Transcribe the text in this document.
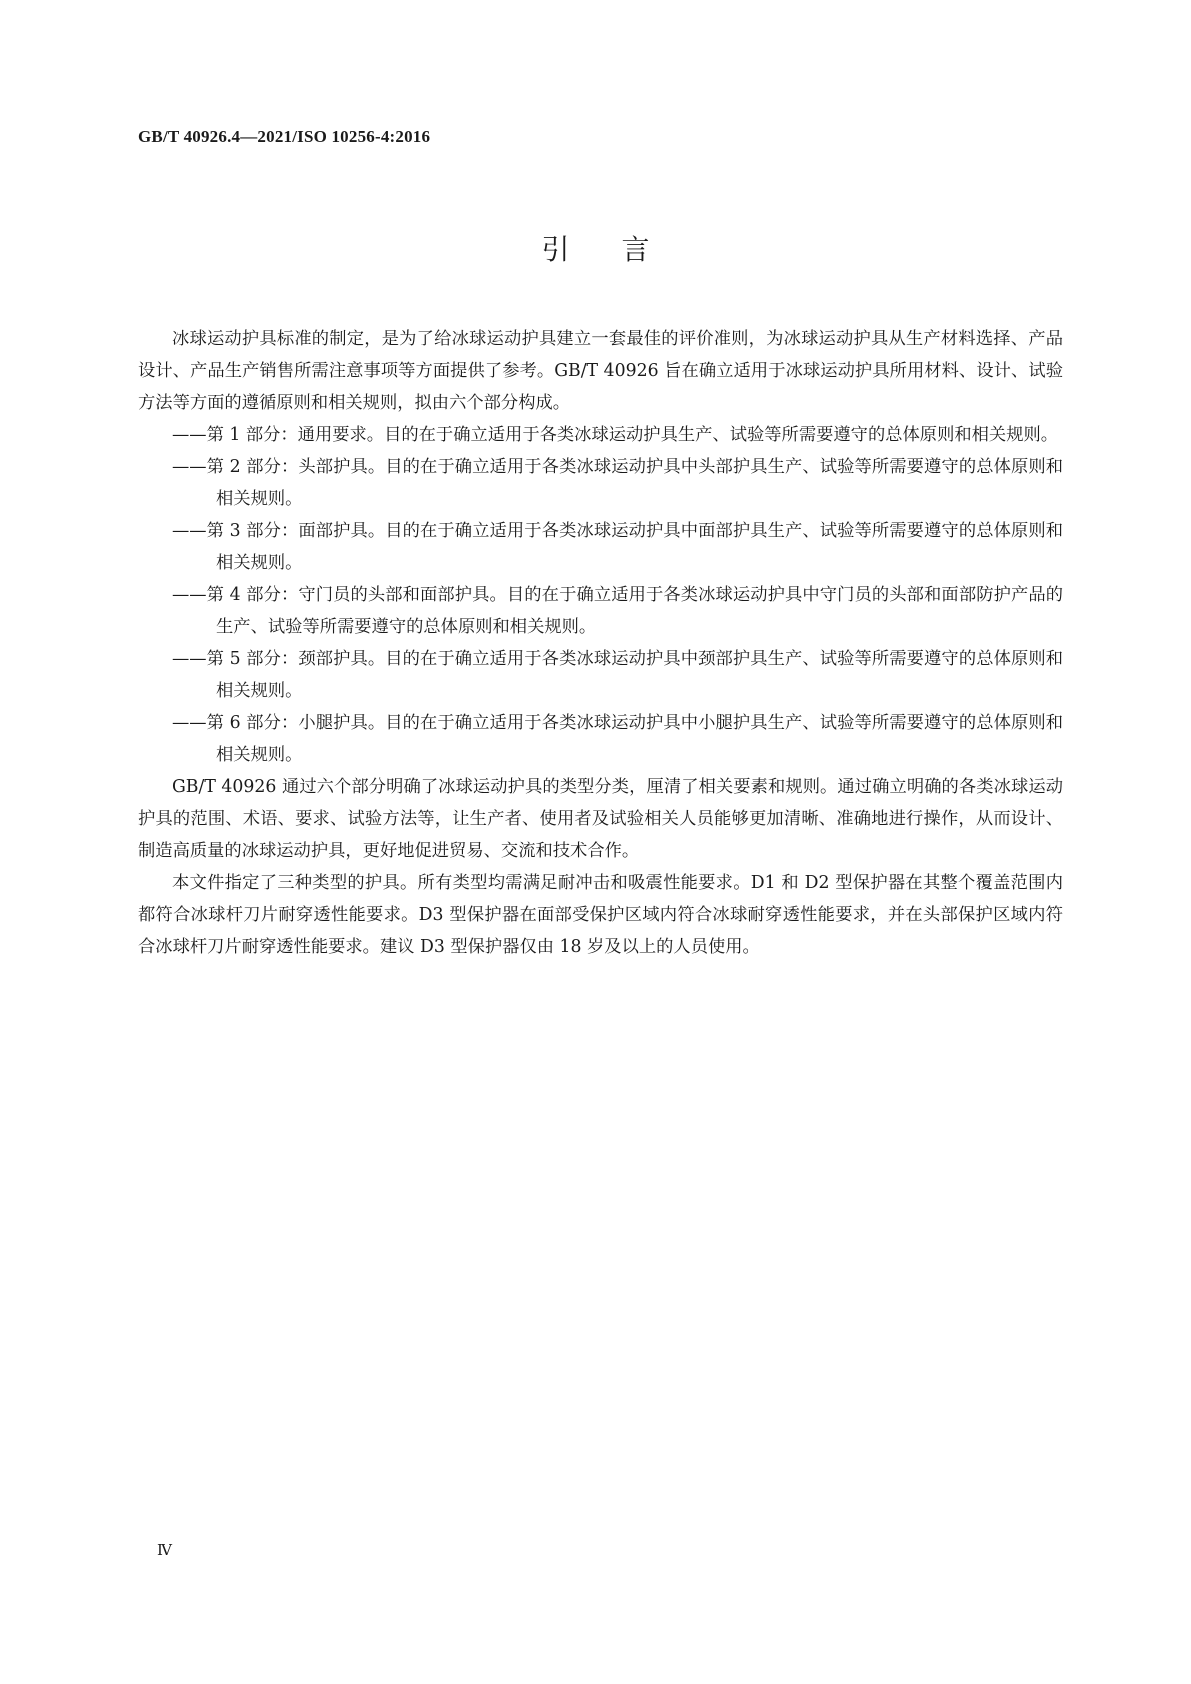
GB/T 40926.4—2021/ISO 10256-4:2016
引言

冰球运动护具标准的制定，是为了给冰球运动护具建立一套最佳的评价准则，为冰球运动护具从生产材料选择、产品设计、产品生产销售所需注意事项等方面提供了参考。GB/T 40926 旨在确立适用于冰球运动护具所用材料、设计、试验方法等方面的遵循原则和相关规则，拟由六个部分构成。

——第 1 部分：通用要求。目的在于确立适用于各类冰球运动护具生产、试验等所需要遵守的总体原则和相关规则。
——第 2 部分：头部护具。目的在于确立适用于各类冰球运动护具中头部护具生产、试验等所需要遵守的总体原则和相关规则。
——第 3 部分：面部护具。目的在于确立适用于各类冰球运动护具中面部护具生产、试验等所需要遵守的总体原则和相关规则。
——第 4 部分：守门员的头部和面部护具。目的在于确立适用于各类冰球运动护具中守门员的头部和面部防护产品的生产、试验等所需要遵守的总体原则和相关规则。
——第 5 部分：颈部护具。目的在于确立适用于各类冰球运动护具中颈部护具生产、试验等所需要遵守的总体原则和相关规则。
——第 6 部分：小腿护具。目的在于确立适用于各类冰球运动护具中小腿护具生产、试验等所需要遵守的总体原则和相关规则。

GB/T 40926 通过六个部分明确了冰球运动护具的类型分类，厘清了相关要素和规则。通过确立明确的各类冰球运动护具的范围、术语、要求、试验方法等，让生产者、使用者及试验相关人员能够更加清晰、准确地进行操作，从而设计、制造高质量的冰球运动护具，更好地促进贸易、交流和技术合作。

本文件指定了三种类型的护具。所有类型均需满足耐冲击和吸震性能要求。D1 和 D2 型保护器在其整个覆盖范围内都符合冰球杆刀片耐穿透性能要求。D3 型保护器在面部受保护区域内符合冰球耐穿透性能要求，并在头部保护区域内符合冰球杆刀片耐穿透性能要求。建议 D3 型保护器仅由 18 岁及以上的人员使用。

Ⅳ
